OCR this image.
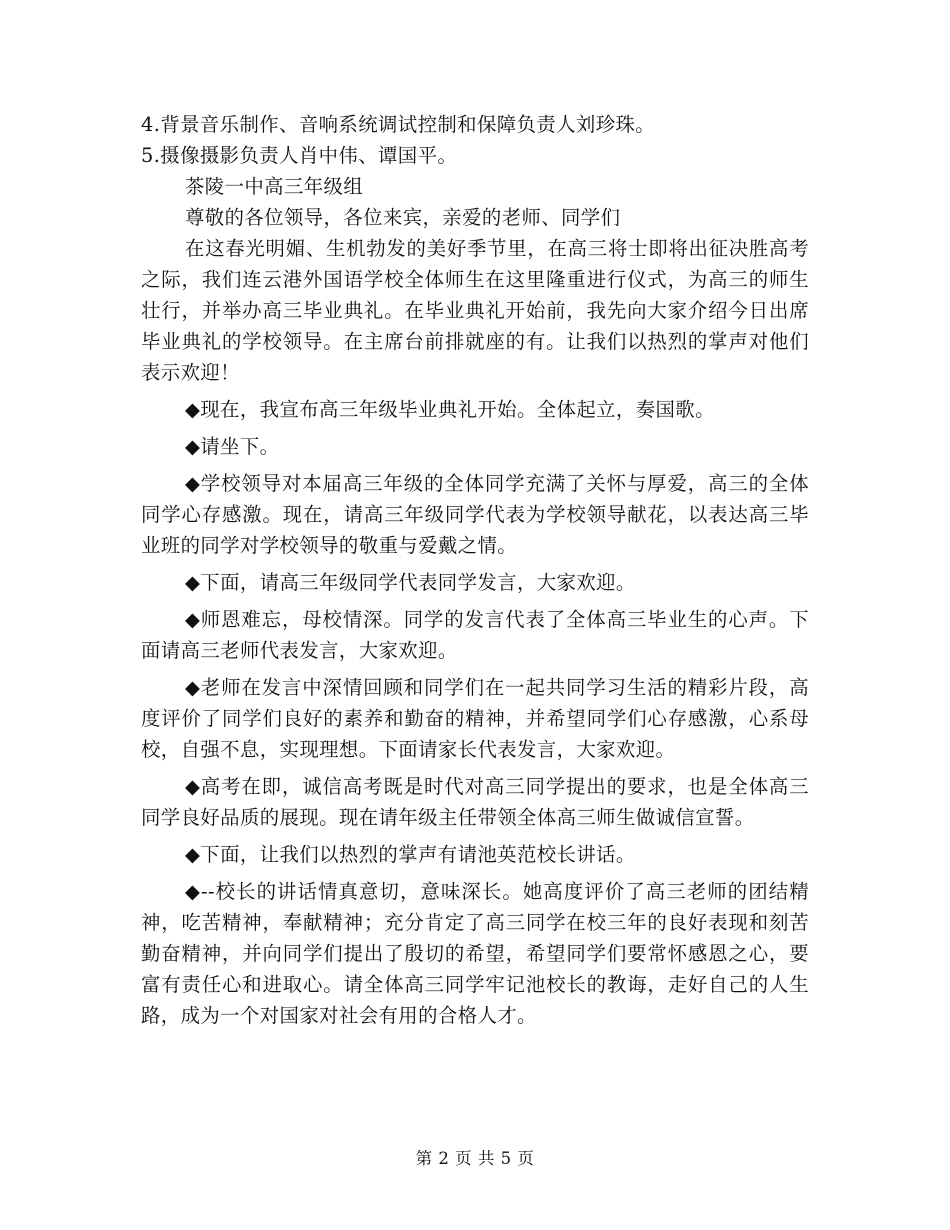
4.背景音乐制作、音响系统调试控制和保障负责人刘珍珠。

5.摄像摄影负责人肖中伟、谭国平。

茶陵一中高三年级组

尊敬的各位领导，各位来宾，亲爱的老师、同学们

在这春光明媚、生机勃发的美好季节里，在高三将士即将出征决胜高考之际，我们连云港外国语学校全体师生在这里隆重进行仪式，为高三的师生壮行，并举办高三毕业典礼。在毕业典礼开始前，我先向大家介绍今日出席毕业典礼的学校领导。在主席台前排就座的有。让我们以热烈的掌声对他们表示欢迎！

◆现在，我宣布高三年级毕业典礼开始。全体起立，奏国歌。

◆请坐下。

◆学校领导对本届高三年级的全体同学充满了关怀与厚爱，高三的全体同学心存感激。现在，请高三年级同学代表为学校领导献花，以表达高三毕业班的同学对学校领导的敬重与爱戴之情。

◆下面，请高三年级同学代表同学发言，大家欢迎。

◆师恩难忘，母校情深。同学的发言代表了全体高三毕业生的心声。下面请高三老师代表发言，大家欢迎。

◆老师在发言中深情回顾和同学们在一起共同学习生活的精彩片段，高度评价了同学们良好的素养和勤奋的精神，并希望同学们心存感激，心系母校，自强不息，实现理想。下面请家长代表发言，大家欢迎。

◆高考在即，诚信高考既是时代对高三同学提出的要求，也是全体高三同学良好品质的展现。现在请年级主任带领全体高三师生做诚信宣誓。

◆下面，让我们以热烈的掌声有请池英范校长讲话。

◆--校长的讲话情真意切，意味深长。她高度评价了高三老师的团结精神，吃苦精神，奉献精神；充分肯定了高三同学在校三年的良好表现和刻苦勤奋精神，并向同学们提出了殷切的希望，希望同学们要常怀感恩之心，要富有责任心和进取心。请全体高三同学牢记池校长的教诲，走好自己的人生路，成为一个对国家对社会有用的合格人才。

第 2 页 共 5 页
